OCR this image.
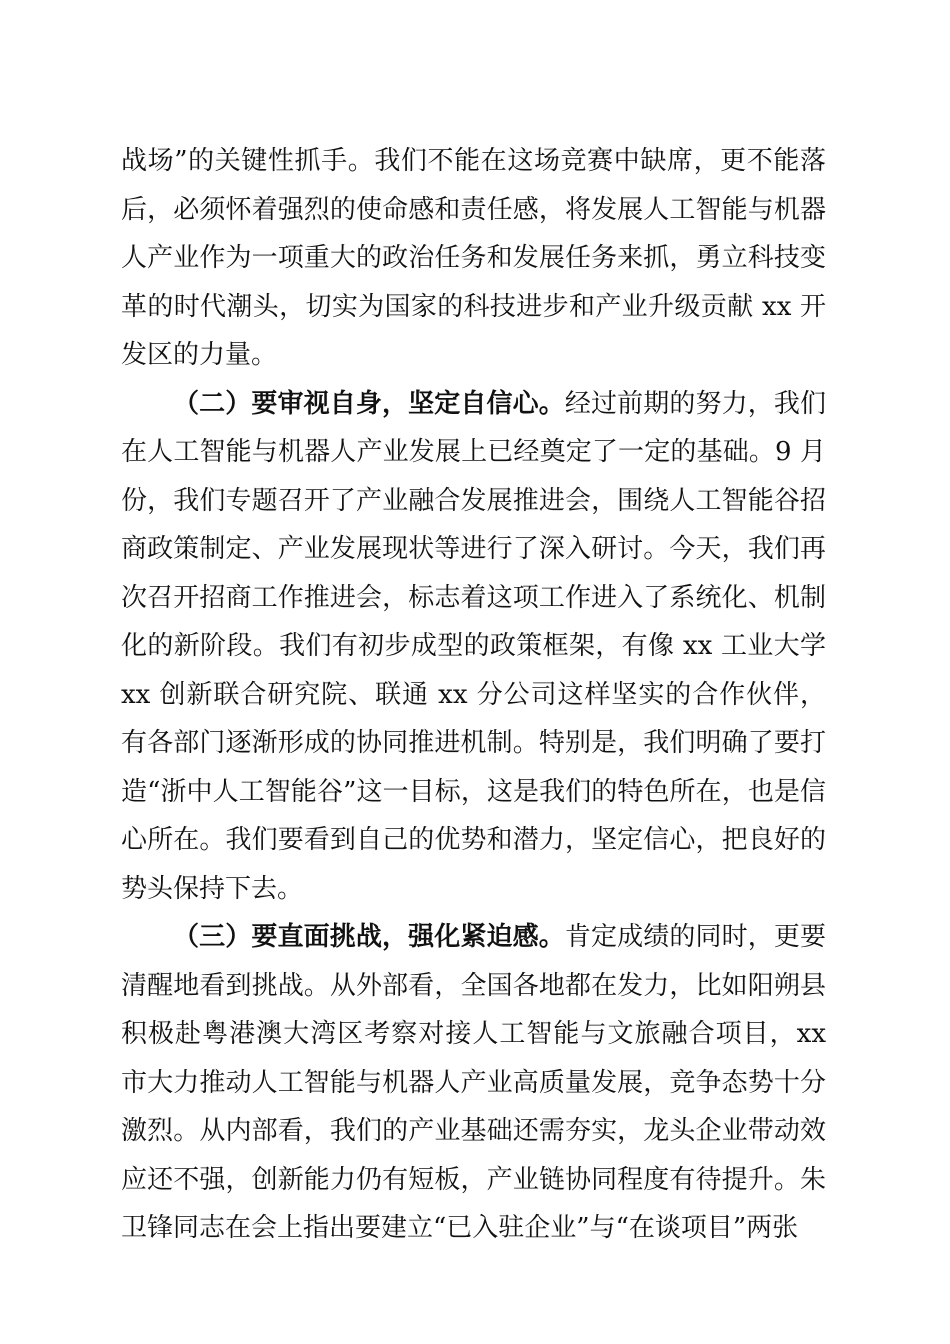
战场”的关键性抓手。我们不能在这场竞赛中缺席，更不能落后，必须怀着强烈的使命感和责任感，将发展人工智能与机器人产业作为一项重大的政治任务和发展任务来抓，勇立科技变革的时代潮头，切实为国家的科技进步和产业升级贡献 xx 开发区的力量。

（二）要审视自身，坚定自信心。经过前期的努力，我们在人工智能与机器人产业发展上已经奠定了一定的基础。9 月份，我们专题召开了产业融合发展推进会，围绕人工智能谷招商政策制定、产业发展现状等进行了深入研讨。今天，我们再次召开招商工作推进会，标志着这项工作进入了系统化、机制化的新阶段。我们有初步成型的政策框架，有像 xx 工业大学 xx 创新联合研究院、联通 xx 分公司这样坚实的合作伙伴，有各部门逐渐形成的协同推进机制。特别是，我们明确了要打造“浙中人工智能谷”这一目标，这是我们的特色所在，也是信心所在。我们要看到自己的优势和潜力，坚定信心，把良好的势头保持下去。

（三）要直面挑战，强化紧迫感。肯定成绩的同时，更要清醒地看到挑战。从外部看，全国各地都在发力，比如阳朔县积极赴粤港澳大湾区考察对接人工智能与文旅融合项目，xx 市大力推动人工智能与机器人产业高质量发展，竞争态势十分激烈。从内部看，我们的产业基础还需夯实，龙头企业带动效应还不强，创新能力仍有短板，产业链协同程度有待提升。朱卫锋同志在会上指出要建立“已入驻企业”与“在谈项目”两张
